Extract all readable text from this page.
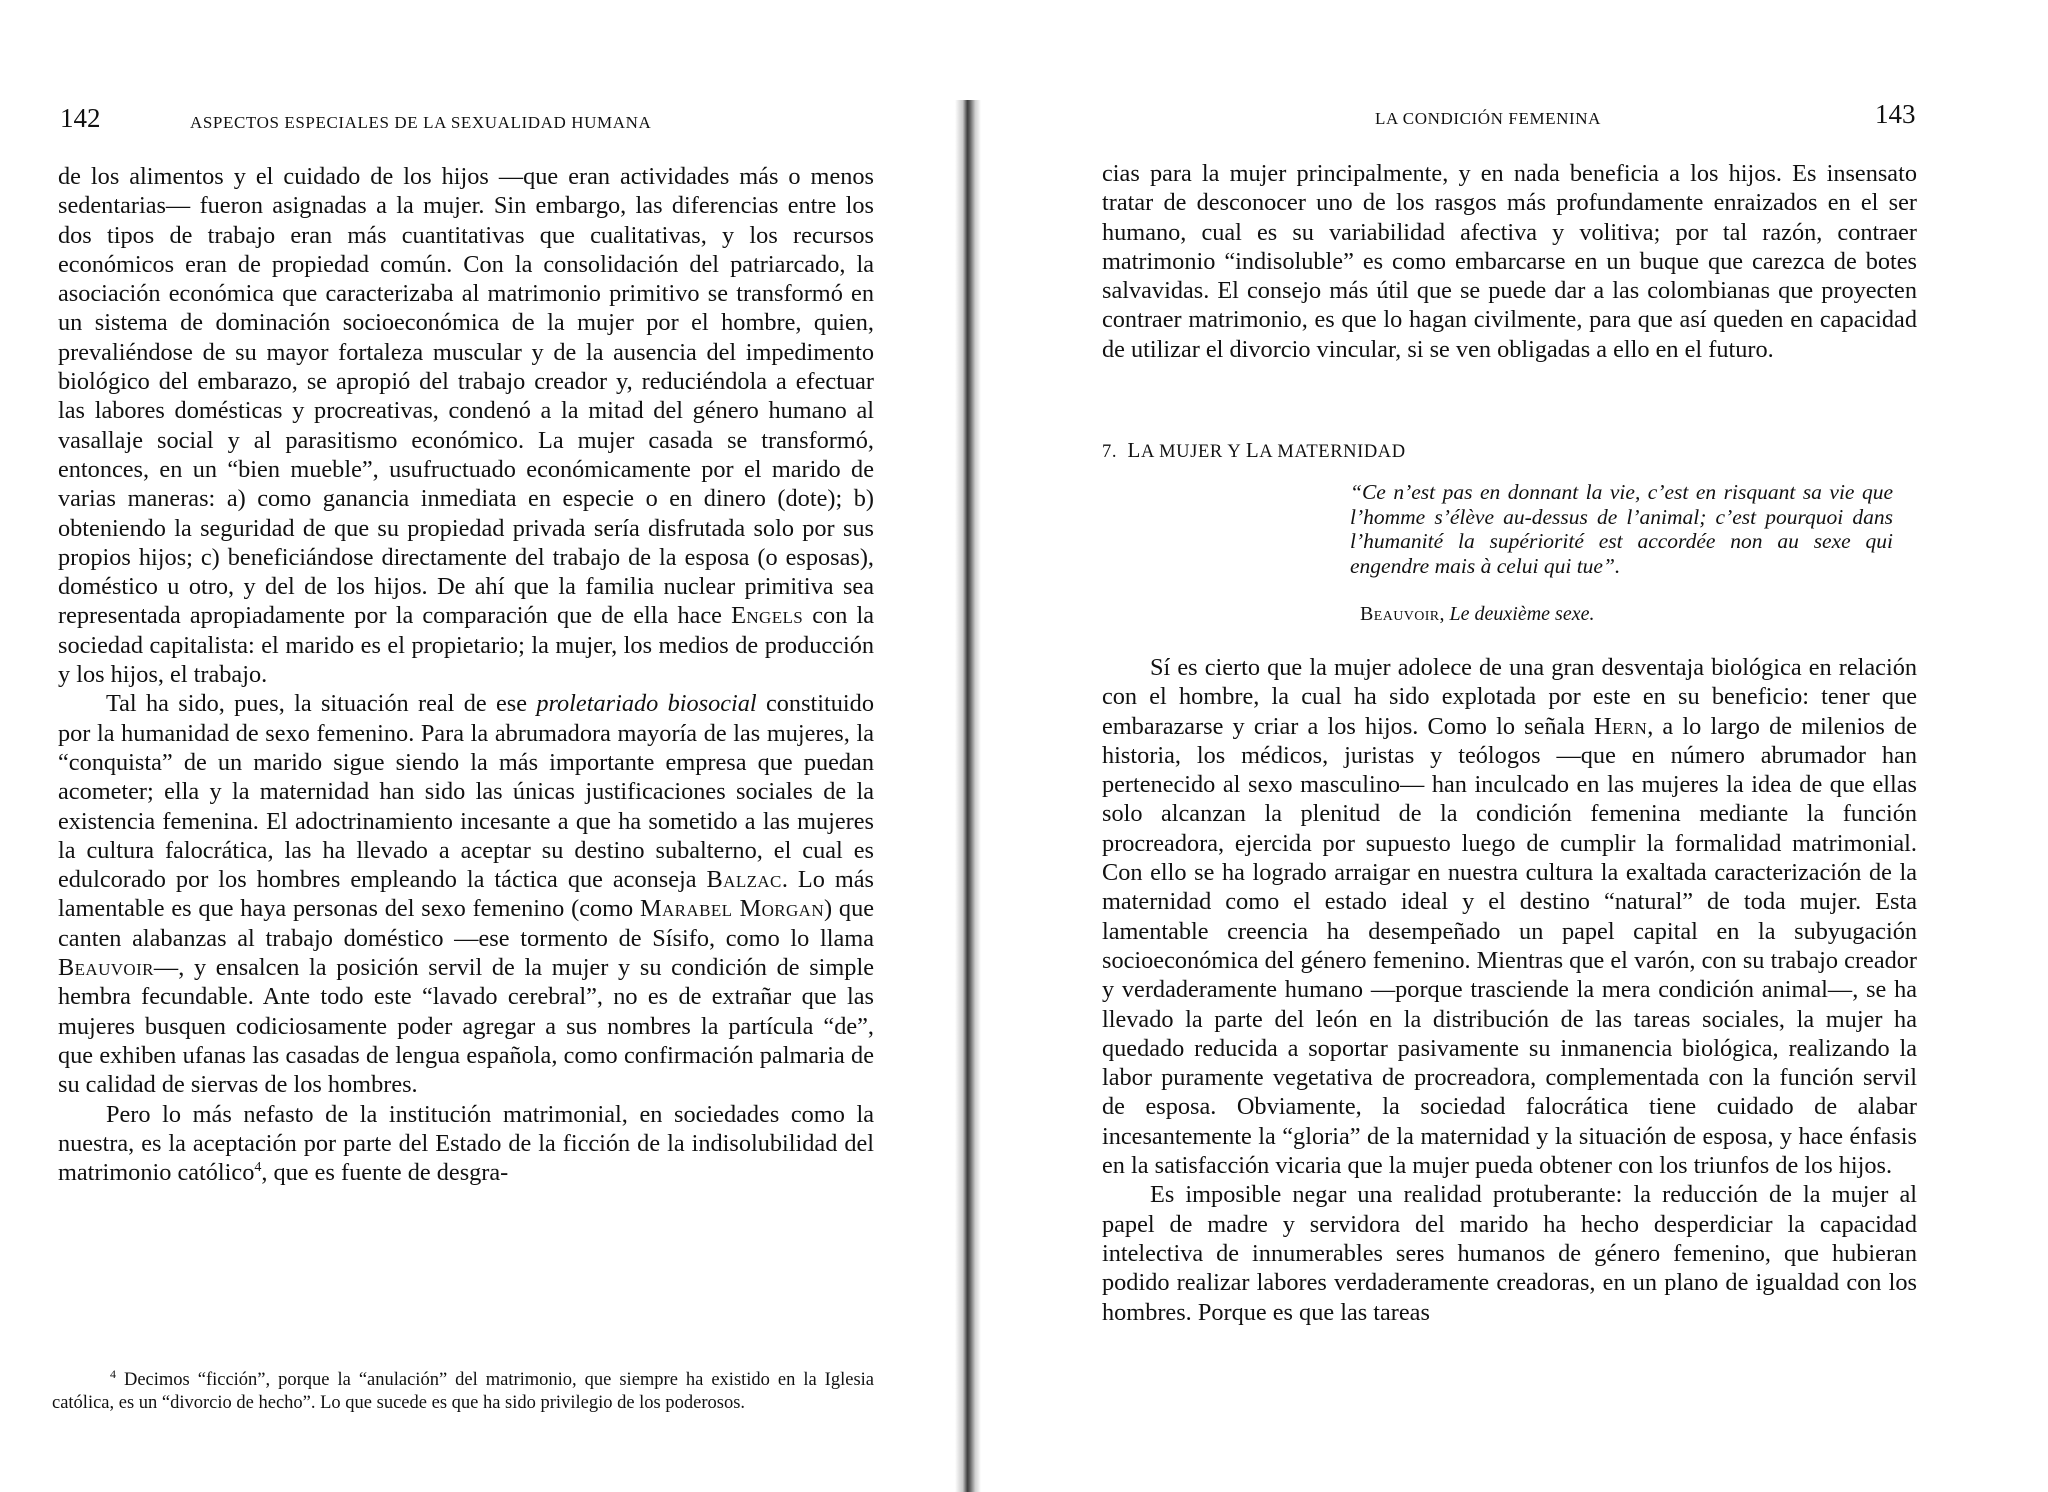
142	ASPECTOS ESPECIALES DE LA SEXUALIDAD HUMANA

de los alimentos y el cuidado de los hijos —que eran actividades más o menos sedentarias— fueron asignadas a la mujer. Sin embargo, las diferencias entre los dos tipos de trabajo eran más cuantitativas que cualitativas, y los recursos económicos eran de propiedad común. Con la consolidación del patriarcado, la asociación económica que caracterizaba al matrimonio primitivo se transformó en un sistema de dominación socioeconómica de la mujer por el hombre, quien, prevaliéndose de su mayor fortaleza muscular y de la ausencia del impedimento biológico del embarazo, se apropió del trabajo creador y, reduciéndola a efectuar las labores domésticas y procreativas, condenó a la mitad del género humano al vasallaje social y al parasitismo económico. La mujer casada se transformó, entonces, en un “bien mueble”, usufructuado económicamente por el marido de varias maneras: a) como ganancia inmediata en especie o en dinero (dote); b) obteniendo la seguridad de que su propiedad privada sería disfrutada solo por sus propios hijos; c) beneficiándose directamente del trabajo de la esposa (o esposas), doméstico u otro, y del de los hijos. De ahí que la familia nuclear primitiva sea representada apropiadamente por la comparación que de ella hace Engels con la sociedad capitalista: el marido es el propietario; la mujer, los medios de producción y los hijos, el trabajo.

Tal ha sido, pues, la situación real de ese proletariado biosocial constituido por la humanidad de sexo femenino. Para la abrumadora mayoría de las mujeres, la “conquista” de un marido sigue siendo la más importante empresa que puedan acometer; ella y la maternidad han sido las únicas justificaciones sociales de la existencia femenina. El adoctrinamiento incesante a que ha sometido a las mujeres la cultura falocrática, las ha llevado a aceptar su destino subalterno, el cual es edulcorado por los hombres empleando la táctica que aconseja Balzac. Lo más lamentable es que haya personas del sexo femenino (como Marabel Morgan) que canten alabanzas al trabajo doméstico —ese tormento de Sísifo, como lo llama Beauvoir—, y ensalcen la posición servil de la mujer y su condición de simple hembra fecundable. Ante todo este “lavado cerebral”, no es de extrañar que las mujeres busquen codiciosamente poder agregar a sus nombres la partícula “de”, que exhiben ufanas las casadas de lengua española, como confirmación palmaria de su calidad de siervas de los hombres.

Pero lo más nefasto de la institución matrimonial, en sociedades como la nuestra, es la aceptación por parte del Estado de la ficción de la indisolubilidad del matrimonio católico$^4$, que es fuente de desgra-

$^4$ Decimos “ficción”, porque la “anulación” del matrimonio, que siempre ha existido en la Iglesia católica, es un “divorcio de hecho”. Lo que sucede es que ha sido privilegio de los poderosos.

LA CONDICIÓN FEMENINA	143

cias para la mujer principalmente, y en nada beneficia a los hijos. Es insensato tratar de desconocer uno de los rasgos más profundamente enraizados en el ser humano, cual es su variabilidad afectiva y volitiva; por tal razón, contraer matrimonio “indisoluble” es como embarcarse en un buque que carezca de botes salvavidas. El consejo más útil que se puede dar a las colombianas que proyecten contraer matrimonio, es que lo hagan civilmente, para que así queden en capacidad de utilizar el divorcio vincular, si se ven obligadas a ello en el futuro.

7. LA MUJER Y LA MATERNIDAD
“Ce n’est pas en donnant la vie, c’est en risquant sa vie que l’homme s’élève au-dessus de l’animal; c’est pourquoi dans l’humanité la supériorité est accordée non au sexe qui engendre mais à celui qui tue”.
Beauvoir, Le deuxième sexe.

Sí es cierto que la mujer adolece de una gran desventaja biológica en relación con el hombre, la cual ha sido explotada por este en su beneficio: tener que embarazarse y criar a los hijos. Como lo señala Hern, a lo largo de milenios de historia, los médicos, juristas y teólogos —que en número abrumador han pertenecido al sexo masculino— han inculcado en las mujeres la idea de que ellas solo alcanzan la plenitud de la condición femenina mediante la función procreadora, ejercida por supuesto luego de cumplir la formalidad matrimonial. Con ello se ha logrado arraigar en nuestra cultura la exaltada caracterización de la maternidad como el estado ideal y el destino “natural” de toda mujer. Esta lamentable creencia ha desempeñado un papel capital en la subyugación socioeconómica del género femenino. Mientras que el varón, con su trabajo creador y verdaderamente humano —porque trasciende la mera condición animal—, se ha llevado la parte del león en la distribución de las tareas sociales, la mujer ha quedado reducida a soportar pasivamente su inmanencia biológica, realizando la labor puramente vegetativa de procreadora, complementada con la función servil de esposa. Obviamente, la sociedad falocrática tiene cuidado de alabar incesantemente la “gloria” de la maternidad y la situación de esposa, y hace énfasis en la satisfacción vicaria que la mujer pueda obtener con los triunfos de los hijos.

Es imposible negar una realidad protuberante: la reducción de la mujer al papel de madre y servidora del marido ha hecho desperdiciar la capacidad intelectiva de innumerables seres humanos de género femenino, que hubieran podido realizar labores verdaderamente creadoras, en un plano de igualdad con los hombres. Porque es que las tareas
